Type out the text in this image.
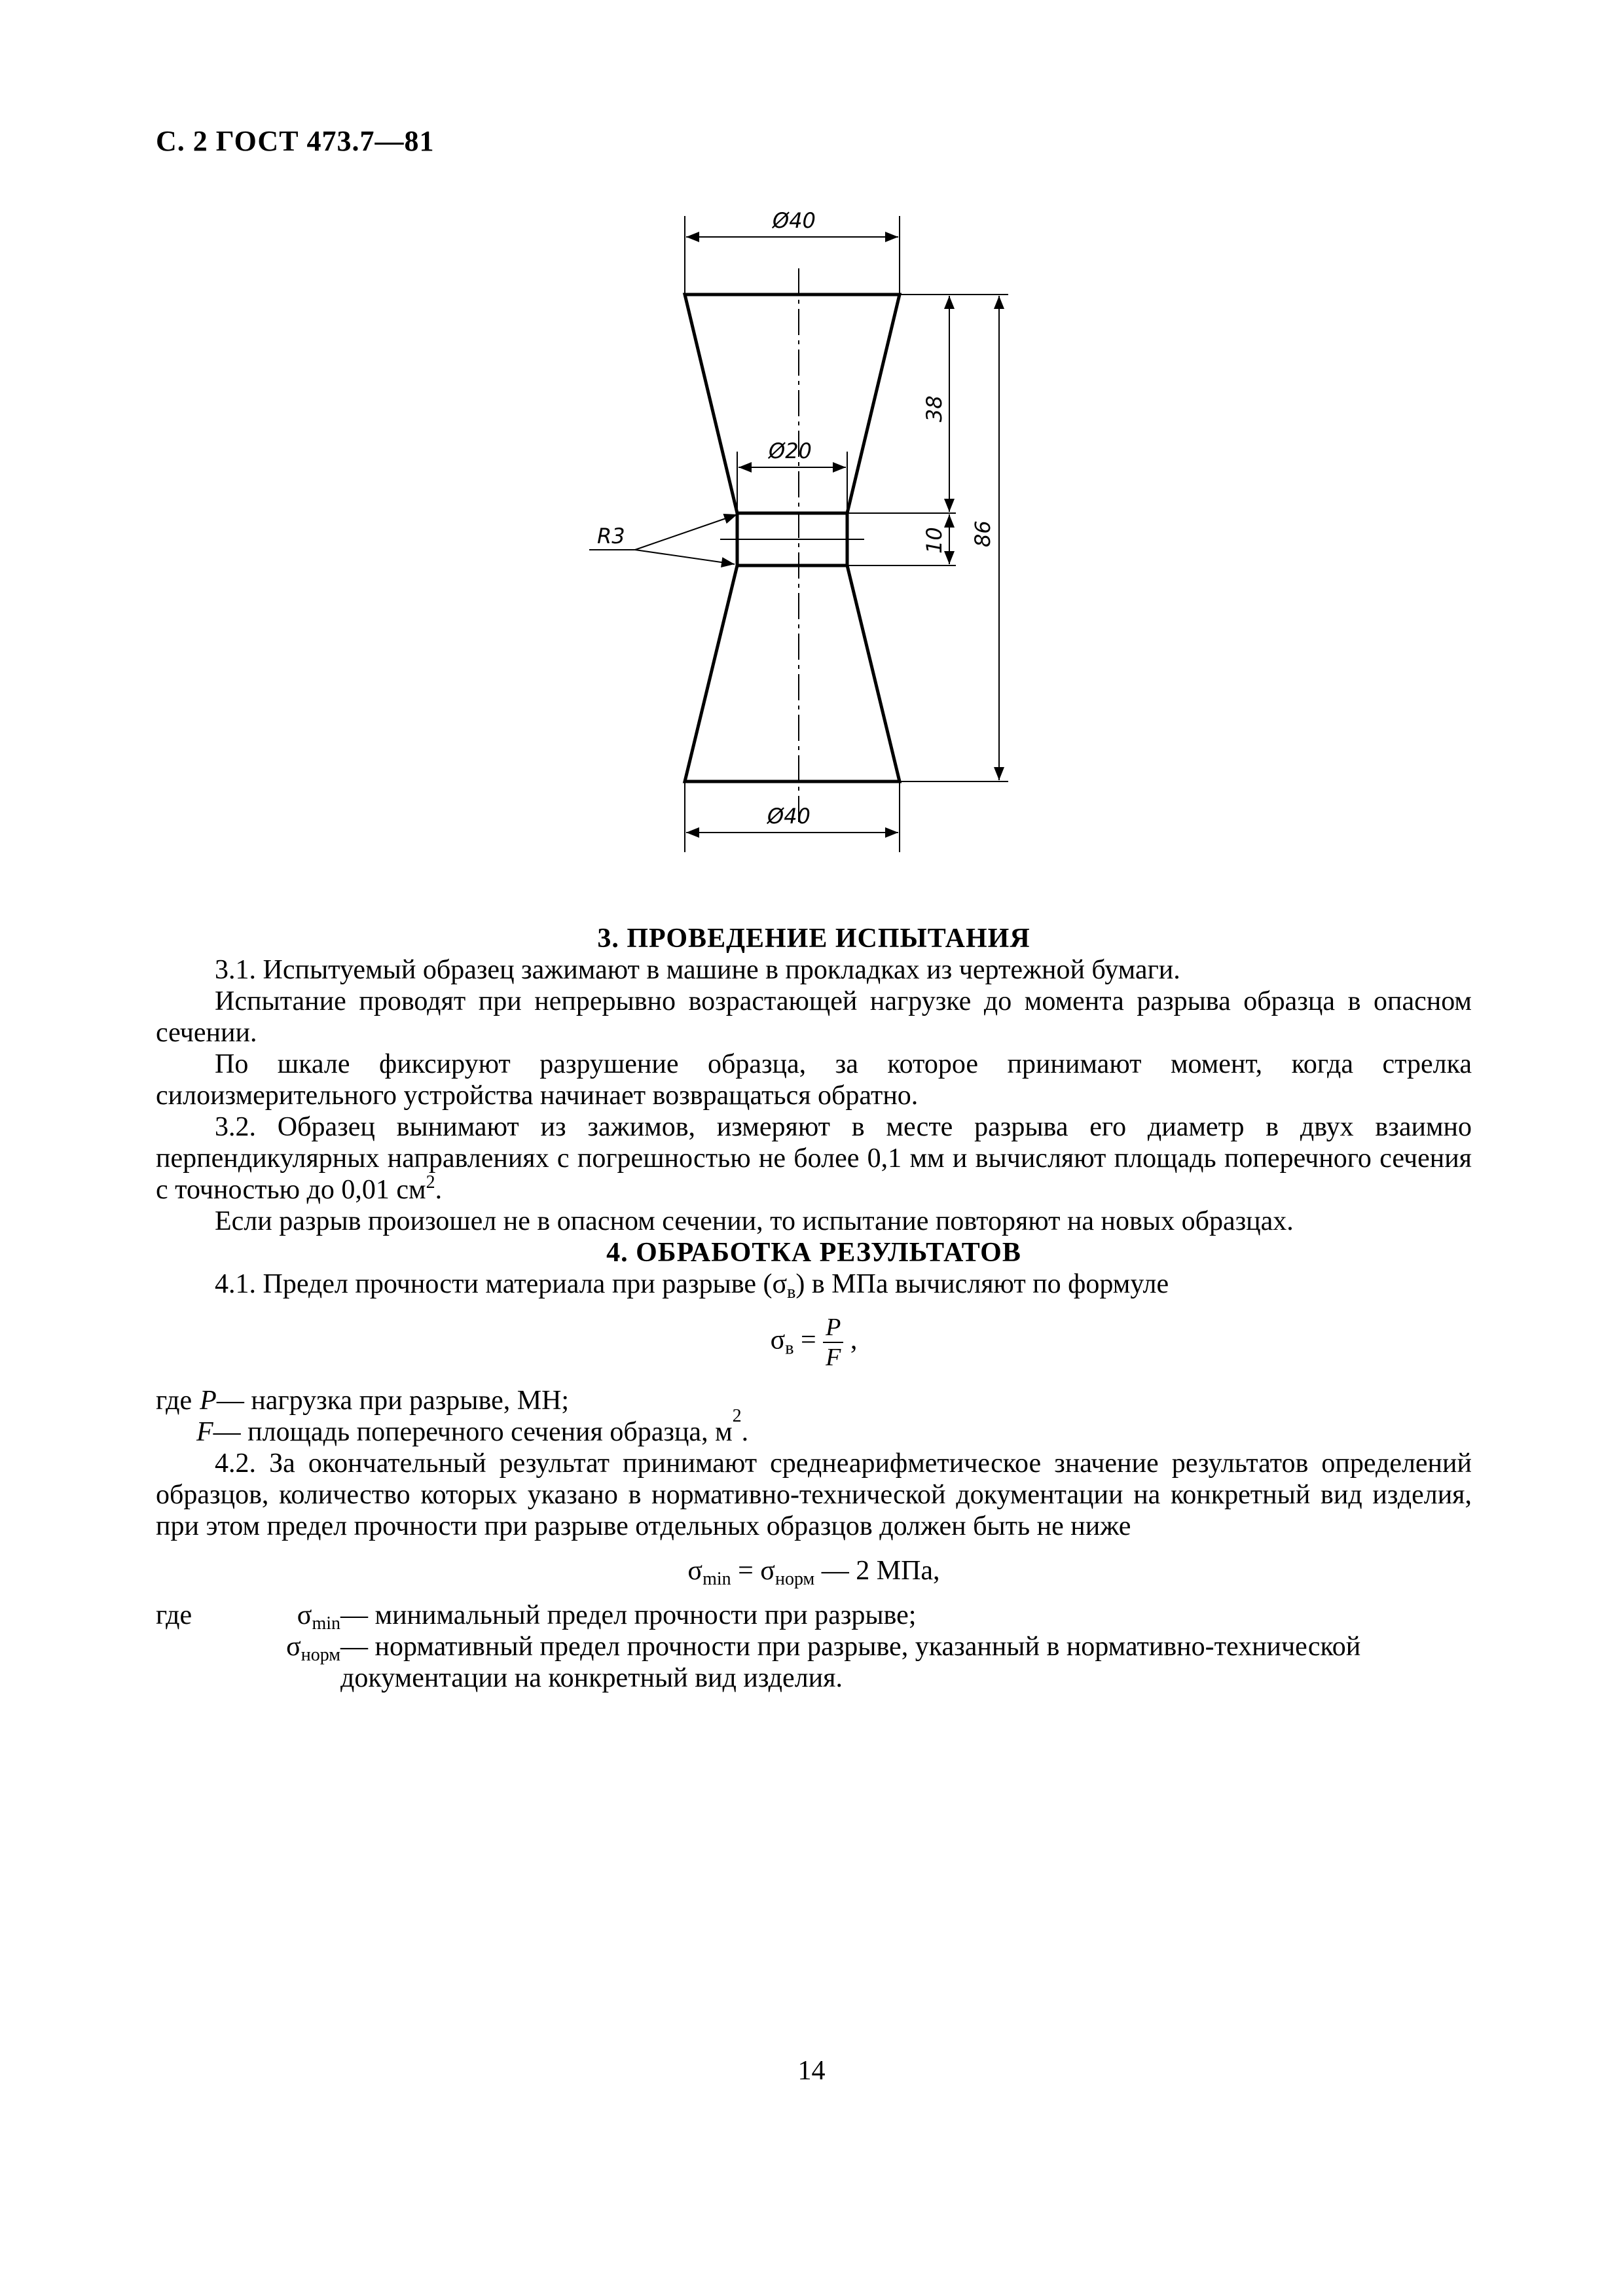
С. 2 ГОСТ 473.7—81
Ø40
Ø20
Ø40
38
10 86
R3
3. ПРОВЕДЕНИЕ ИСПЫТАНИЯ

3.1. Испытуемый образец зажимают в машине в прокладках из чертежной бумаги.

Испытание проводят при непрерывно возрастающей нагрузке до момента разрыва образца в опасном сечении.

По шкале фиксируют разрушение образца, за которое принимают момент, когда стрелка силоизмерительного устройства начинает возвращаться обратно.

3.2. Образец вынимают из зажимов, измеряют в месте разрыва его диаметр в двух взаимно перпендикулярных направлениях с погрешностью не более 0,1 мм и вычисляют площадь поперечного сечения с точностью до 0,01 $см^2$.

Если разрыв произошел не в опасном сечении, то испытание повторяют на новых образцах.

4. ОБРАБОТКА РЕЗУЛЬТАТОВ

4.1. Предел прочности материала при разрыве $(\sigma_в)$ в МПа вычисляют по формуле

$\sigma_в = \frac{P}{F}$ ,
где P — нагрузка при разрыве, МН;
F — площадь поперечного сечения образца, м
2
.

4.2. За окончательный результат принимают среднеарифметическое значение результатов определений образцов, количество которых указано в нормативно-технической документации на конкретный вид изделия, при этом предел прочности при разрыве отдельных образцов должен быть не ниже

$\sigma_{min} = \sigma_{норм}$ — 2 МПа,
где	$\sigma_{min}$ — минимальный предел прочности при разрыве;
$\sigma_{норм}$ — нормативный предел прочности при разрыве, указанный в нормативно-технической документации на конкретный вид изделия.
14
